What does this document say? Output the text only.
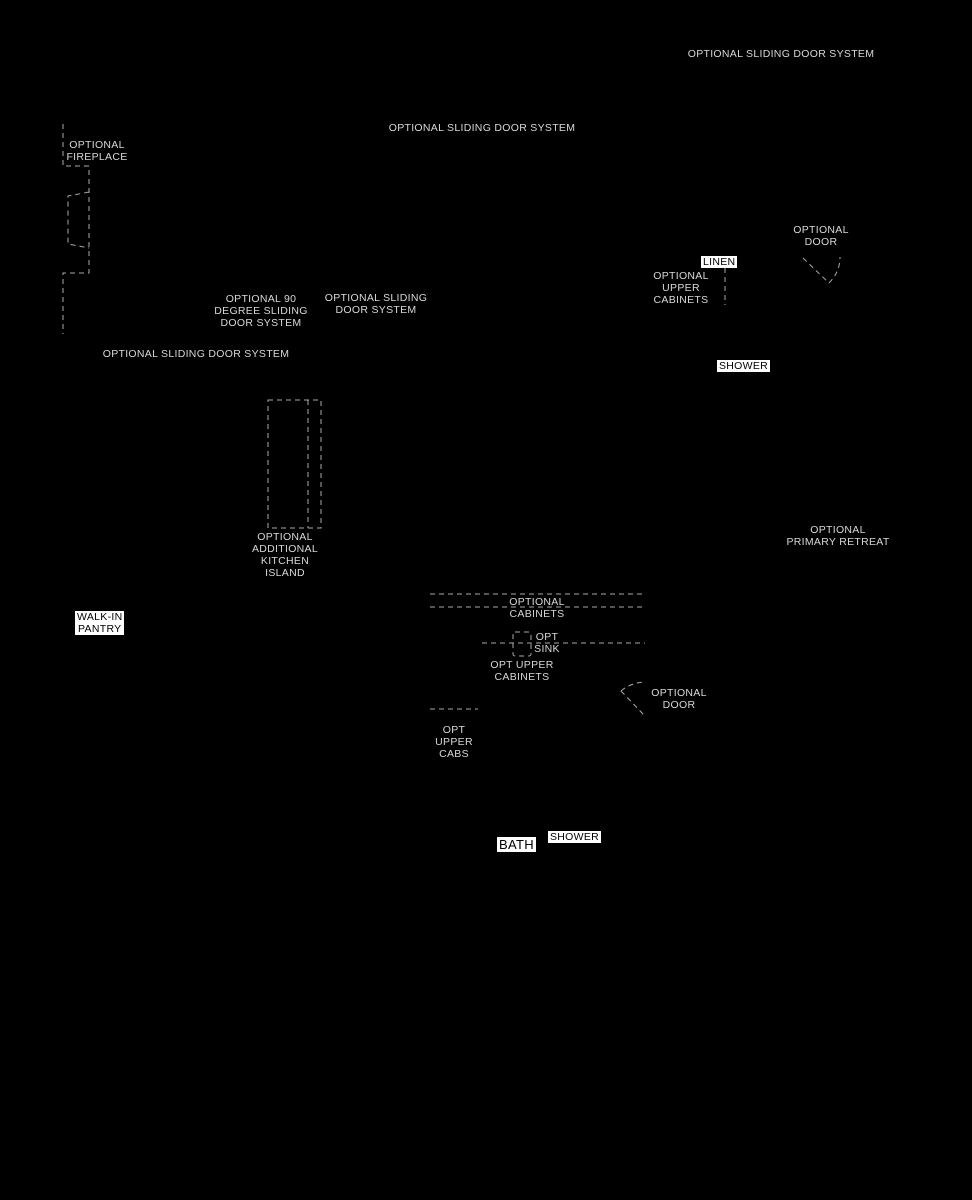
OPTIONAL SLIDING DOOR SYSTEM
OPTIONAL SLIDING DOOR SYSTEM
OPTIONAL
FIREPLACE
OPTIONAL
DOOR
OPTIONAL
UPPER
CABINETS
OPTIONAL 90
DEGREE SLIDING
DOOR SYSTEM
OPTIONAL SLIDING
DOOR SYSTEM
OPTIONAL SLIDING DOOR SYSTEM
OPTIONAL
ADDITIONAL
KITCHEN
ISLAND
OPTIONAL
PRIMARY RETREAT
OPTIONAL
CABINETS
OPT
SINK
OPT UPPER
CABINETS
OPTIONAL
DOOR
OPT
UPPER
CABS
LINEN
SHOWER
WALK-IN
PANTRY
BATH SHOWER
